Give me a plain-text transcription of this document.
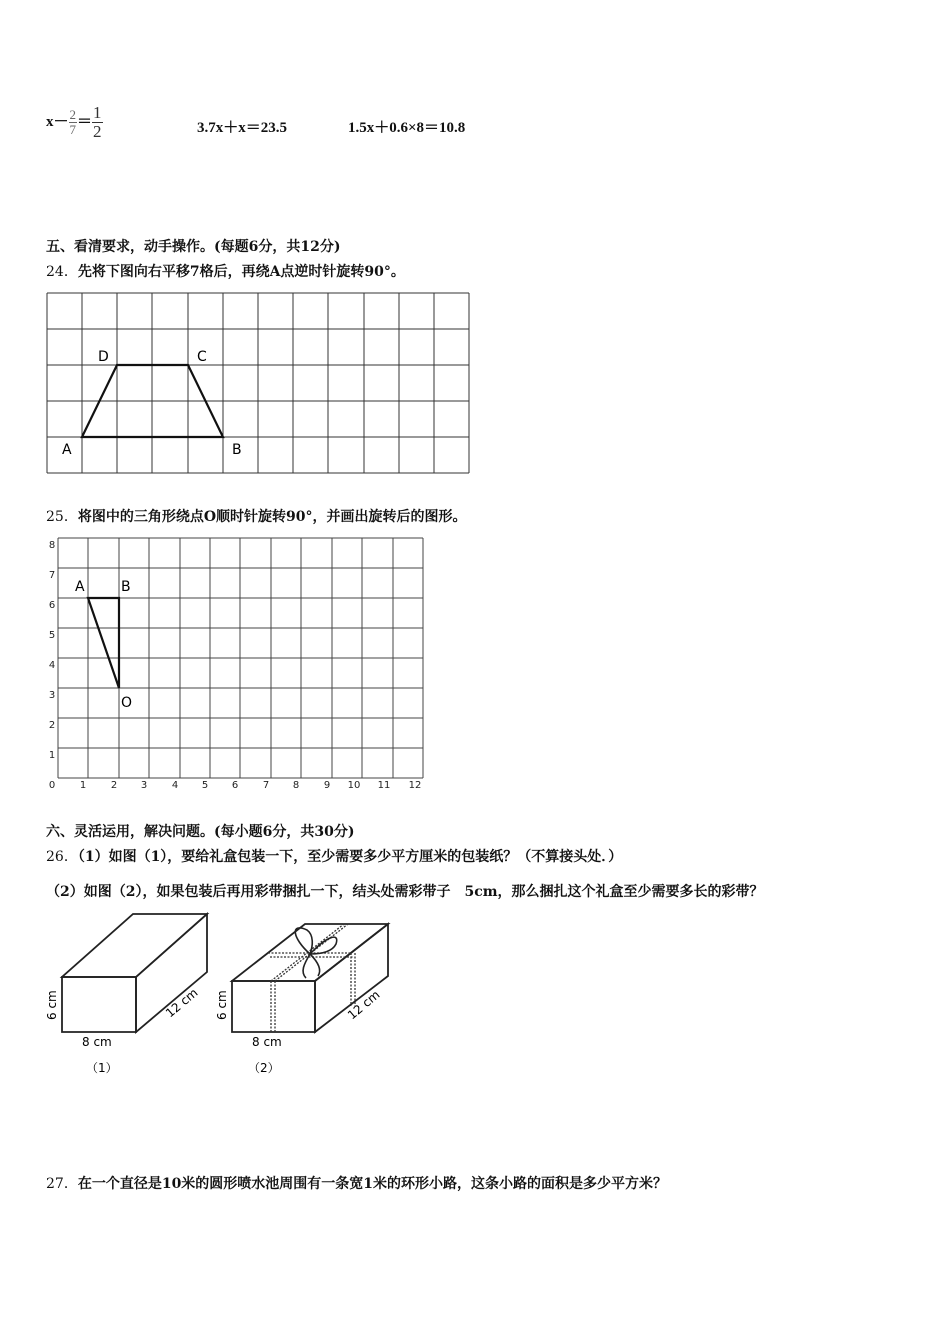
$x- \frac{2}{7} = \frac{1}{2}$	3.7x＋x＝23.5	1.5x＋0.6×8＝10.8
五、看清要求，动手操作。(每题6分，共12分)
24．先将下图向右平移7格后，再绕A点逆时针旋转90°。
A	B
C
D
25．将图中的三角形绕点O顺时针旋转90°，并画出旋转后的图形。
A	B
O
0 1 2 3 4 5 6 7 8 9 10 11 12
1
2
3
4
5
6
7
8
六、灵活运用，解决问题。(每小题6分，共30分)
26．（1）如图（1），要给礼盒包装一下，至少需要多少平方厘米的包装纸？（不算接头处．）
（2）如图（2），如果包装后再用彩带捆扎一下，结头处需彩带子　5cm，那么捆扎这个礼盒至少需要多长的彩带？
6 cm
8 cm
12 cm
（1）
6 cm
8 cm
12 cm
（2）
27．在一个直径是10米的圆形喷水池周围有一条宽1米的环形小路，这条小路的面积是多少平方米？
